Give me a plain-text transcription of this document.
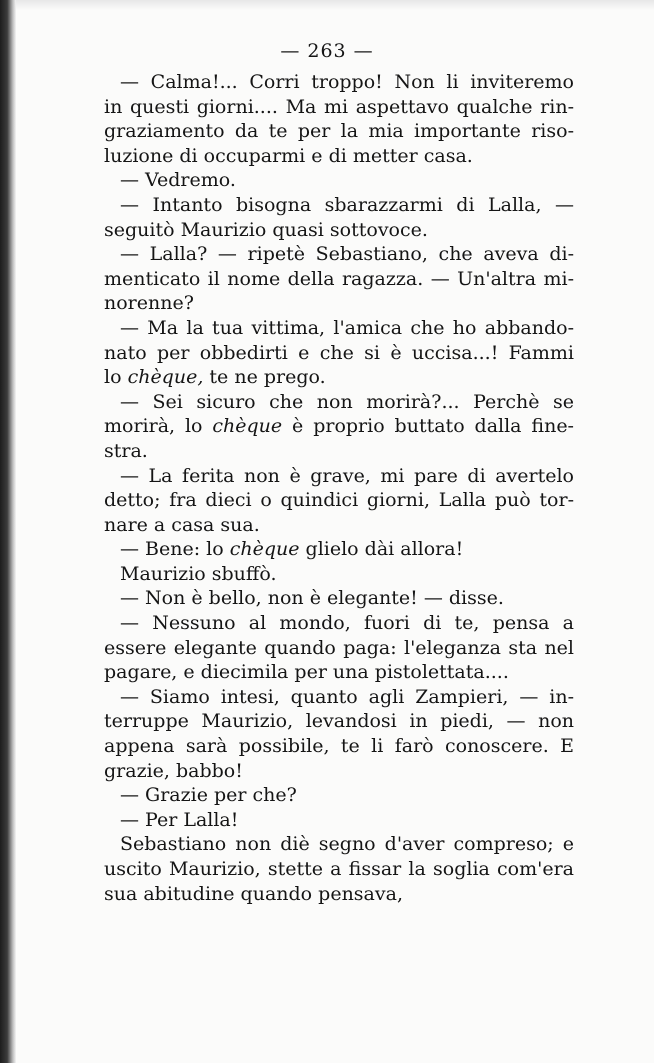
— 263 —
— Calma!... Corri troppo! Non li inviteremo
in questi giorni.... Ma mi aspettavo qualche rin-
graziamento da te per la mia importante riso-
luzione di occuparmi e di metter casa.
— Vedremo.
— Intanto bisogna sbarazzarmi di Lalla, —
seguitò Maurizio quasi sottovoce.
— Lalla? — ripetè Sebastiano, che aveva di-
menticato il nome della ragazza. — Un'altra mi-
norenne?
— Ma la tua vittima, l'amica che ho abbando-
nato per obbedirti e che si è uccisa...! Fammi
lo chèque, te ne prego.
— Sei sicuro che non morirà?... Perchè se
morirà, lo chèque è proprio buttato dalla fine-
stra.
— La ferita non è grave, mi pare di avertelo
detto; fra dieci o quindici giorni, Lalla può tor-
nare a casa sua.
— Bene: lo chèque glielo dài allora!
Maurizio sbuffò.
— Non è bello, non è elegante! — disse.
— Nessuno al mondo, fuori di te, pensa a
essere elegante quando paga: l'eleganza sta nel
pagare, e diecimila per una pistolettata....
— Siamo intesi, quanto agli Zampieri, — in-
terruppe Maurizio, levandosi in piedi, — non
appena sarà possibile, te li farò conoscere. E
grazie, babbo!
— Grazie per che?
— Per Lalla!
Sebastiano non diè segno d'aver compreso; e
uscito Maurizio, stette a fissar la soglia com'era
sua abitudine quando pensava,
